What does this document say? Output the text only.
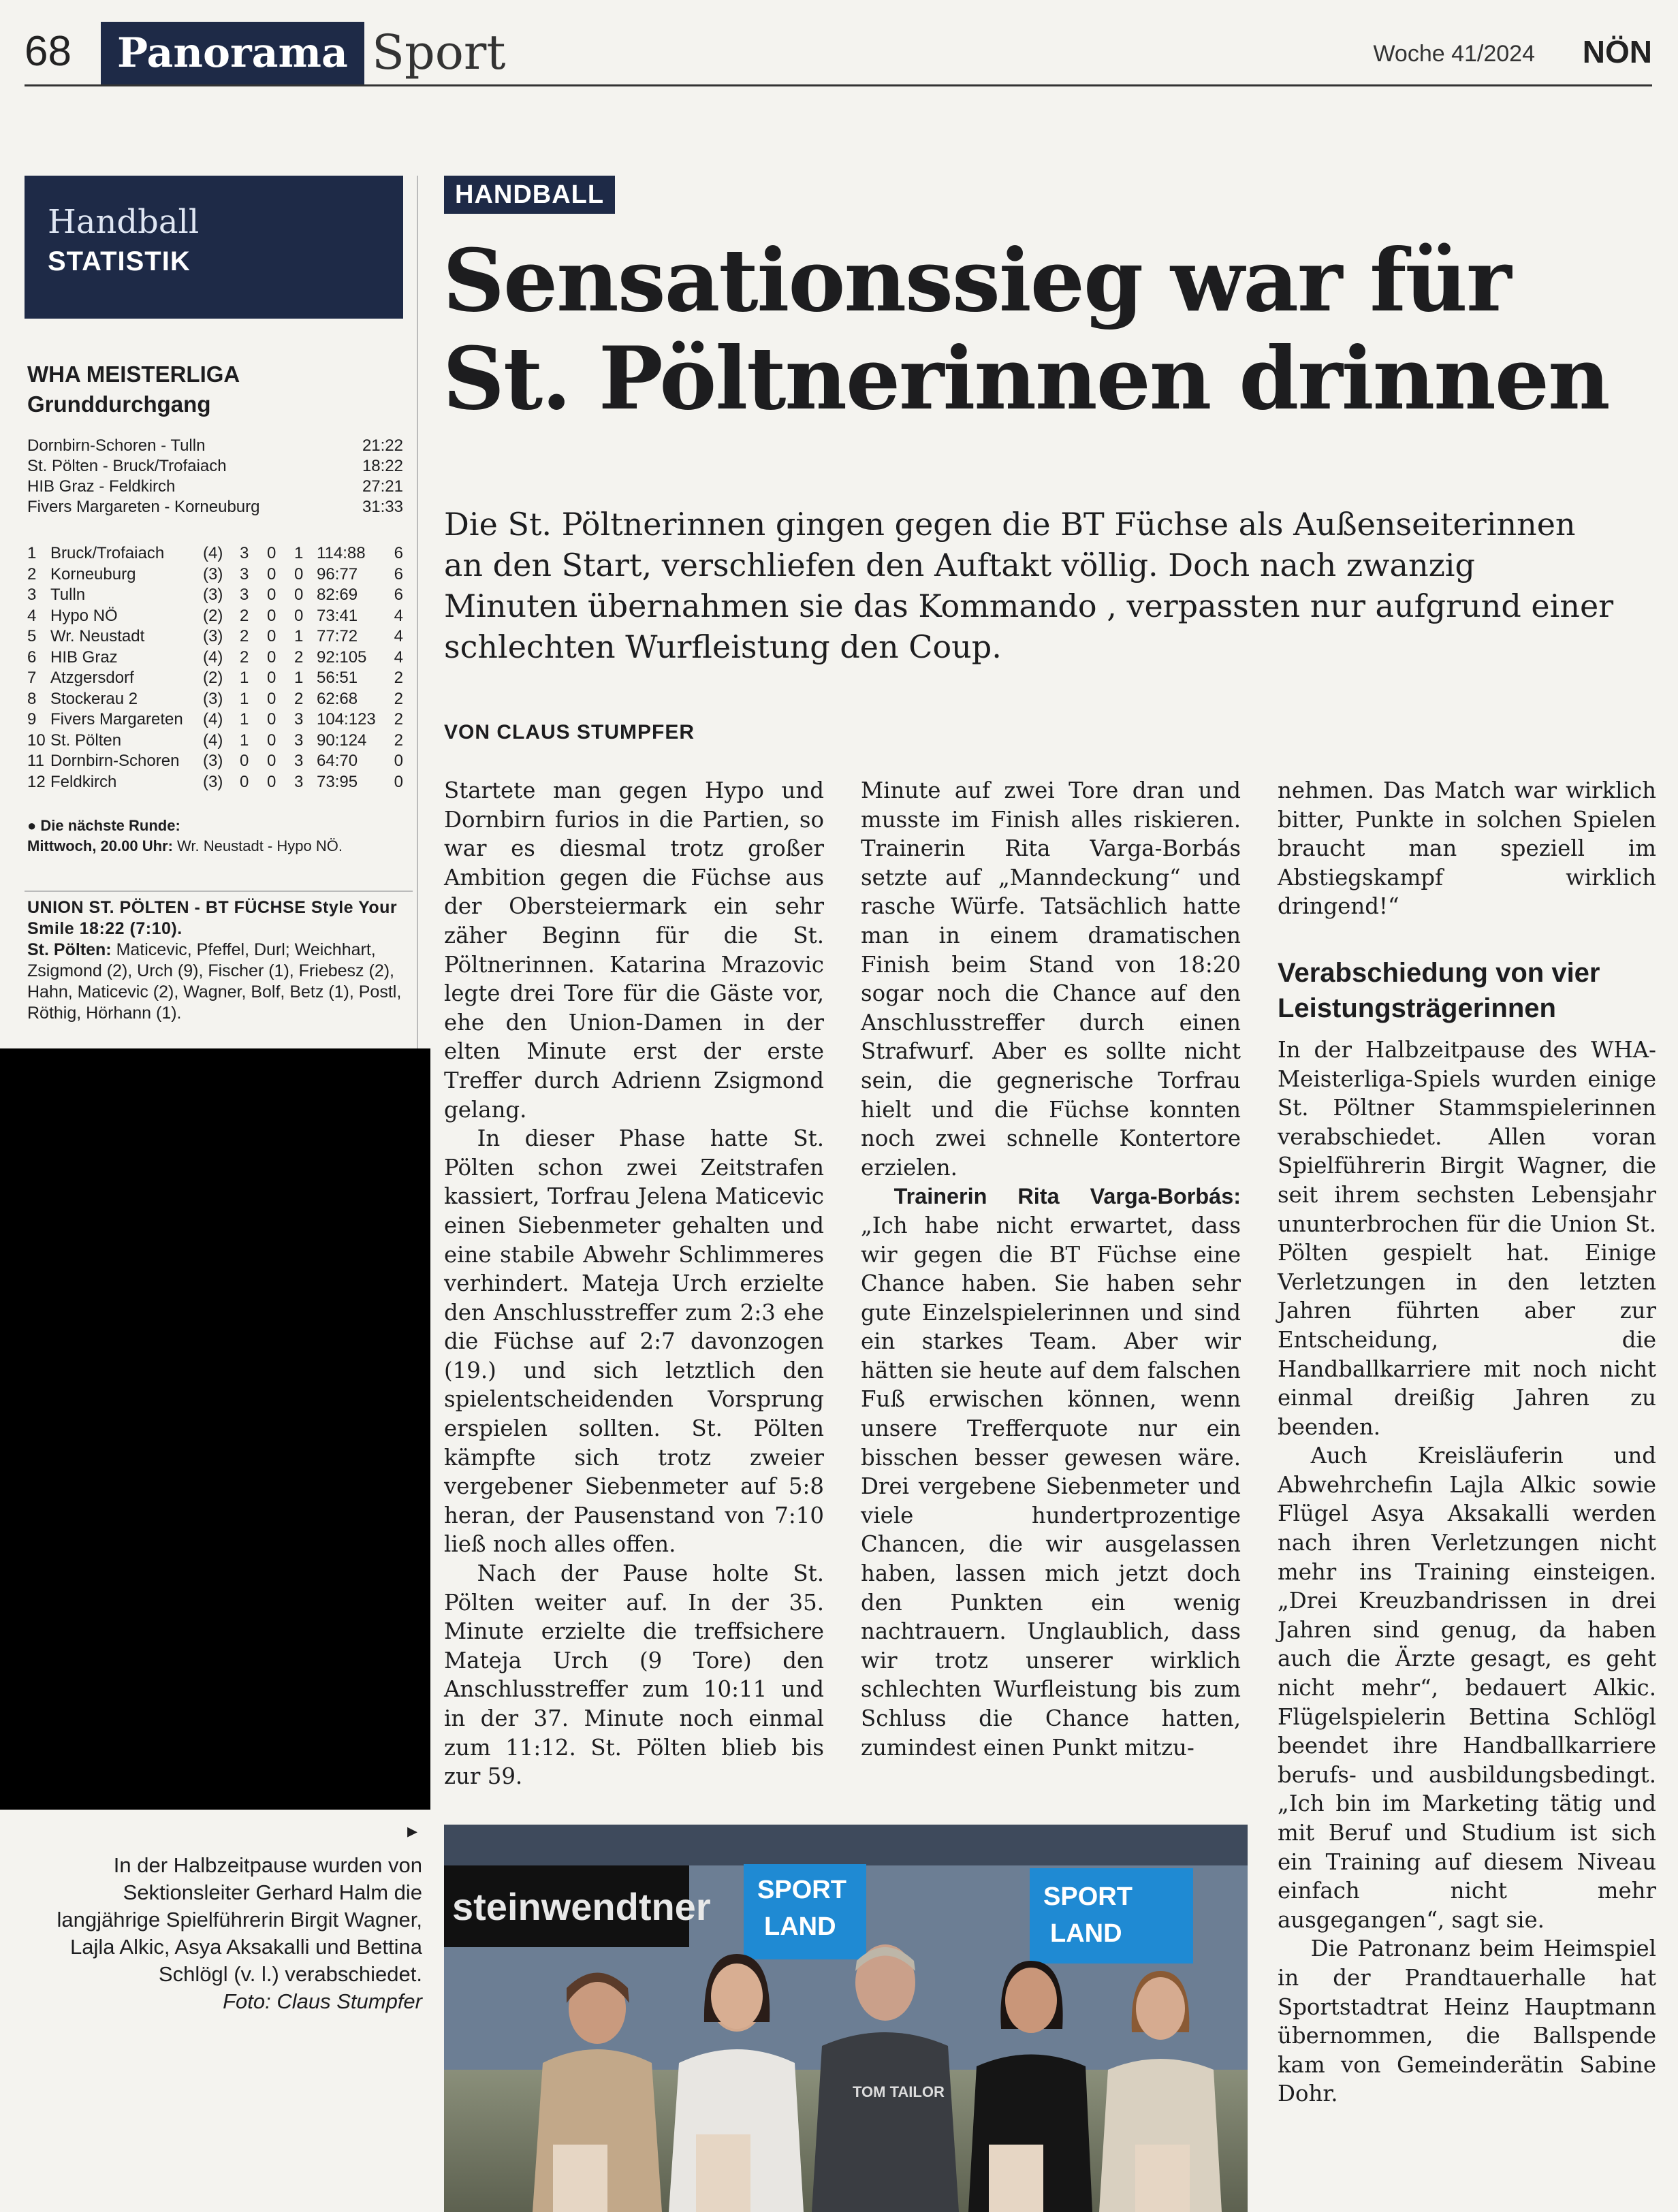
68	Panorama Sport	Woche 41/2024 NÖN
Handball
STATISTIK
WHA MEISTERLIGA
Grunddurchgang
Dornbirn-Schoren - Tulln	21:22
St. Pölten - Bruck/Trofaiach	18:22
HIB Graz - Feldkirch	27:21
Fivers Margareten - Korneuburg	31:33
1 Bruck/Trofaiach	(4)	3 0 1 114:88	6
2 Korneuburg	(3)	3 0 0 96:77	6
3 Tulln	(3)	3 0 0 82:69	6
4 Hypo NÖ	(2)	2 0 0 73:41	4
5 Wr. Neustadt	(3)	2 0 1 77:72	4
6 HIB Graz	(4)	2 0 2 92:105	4
7 Atzgersdorf	(2)	1 0 1 56:51	2
8 Stockerau 2	(3)	1 0 2 62:68	2
9 Fivers Margareten	(4)	1 0 3 104:123	2
10 St. Pölten	(4)	1 0 3 90:124	2
11 Dornbirn-Schoren	(3)	0 0 3 64:70	0
12 Feldkirch	(3)	0 0 3 73:95	0
● Die nächste Runde:
Mittwoch, 20.00 Uhr: Wr. Neustadt - Hypo NÖ.
UNION ST. PÖLTEN - BT FÜCHSE Style Your Smile 18:22 (7:10).
St. Pölten: Maticevic, Pfeffel, Durl; Weichhart, Zsigmond (2), Urch (9), Fischer (1), Friebesz (2), Hahn, Maticevic (2), Wagner, Bolf, Betz (1), Postl, Röthig, Hörhann (1).
▸
In der Halbzeitpause wurden von Sektionsleiter Gerhard Halm die langjährige Spielführerin Birgit Wagner, Lajla Alkic, Asya Aksakalli und Bettina Schlögl (v. l.) verabschiedet.
Foto: Claus Stumpfer
HANDBALL
Sensationssieg war für St. Pöltnerinnen drinnen
Die St. Pöltnerinnen gingen gegen die BT Füchse als Außenseiterinnen an den Start, verschliefen den Auftakt völlig. Doch nach zwanzig Minuten übernahmen sie das Kommando , verpassten nur aufgrund einer schlechten Wurfleistung den Coup.
VON CLAUS STUMPFER

Startete man gegen Hypo und Dornbirn furios in die Partien, so war es diesmal trotz großer Ambition gegen die Füchse aus der Obersteiermark ein sehr zäher Beginn für die St. Pöltnerinnen. Katarina Mrazovic legte drei Tore für die Gäste vor, ehe den Union-Damen in der elten Minute erst der erste Treffer durch Adrienn Zsigmond gelang.

In dieser Phase hatte St. Pölten schon zwei Zeitstrafen kassiert, Torfrau Jelena Maticevic einen Siebenmeter gehalten und eine stabile Abwehr Schlimmeres verhindert. Mateja Urch erzielte den Anschlusstreffer zum 2:3 ehe die Füchse auf 2:7 davonzogen (19.) und sich letztlich den spielentscheidenden Vorsprung erspielen sollten. St. Pölten kämpfte sich trotz zweier vergebener Siebenmeter auf 5:8 heran, der Pausenstand von 7:10 ließ noch alles offen.

Nach der Pause holte St. Pölten weiter auf. In der 35. Minute erzielte die treffsichere Mateja Urch (9 Tore) den Anschlusstreffer zum 10:11 und in der 37. Minute noch einmal zum 11:12. St. Pölten blieb bis zur 59.

Minute auf zwei Tore dran und musste im Finish alles riskieren. Trainerin Rita Varga-Borbás setzte auf „Manndeckung“ und rasche Würfe. Tatsächlich hatte man in einem dramatischen Finish beim Stand von 18:20 sogar noch die Chance auf den Anschlusstreffer durch einen Strafwurf. Aber es sollte nicht sein, die gegnerische Torfrau hielt und die Füchse konnten noch zwei schnelle Kontertore erzielen.

Trainerin Rita Varga-Borbás: „Ich habe nicht erwartet, dass wir gegen die BT Füchse eine Chance haben. Sie haben sehr gute Einzelspielerinnen und sind ein starkes Team. Aber wir hätten sie heute auf dem falschen Fuß erwischen können, wenn unsere Trefferquote nur ein bisschen besser gewesen wäre. Drei vergebene Siebenmeter und viele hundertprozentige Chancen, die wir ausgelassen haben, lassen mich jetzt doch den Punkten ein wenig nachtrauern. Unglaublich, dass wir trotz unserer wirklich schlechten Wurfleistung bis zum Schluss die Chance hatten, zumindest einen Punkt mitzu-

nehmen. Das Match war wirklich bitter, Punkte in solchen Spielen braucht man speziell im Abstiegskampf wirklich dringend!“

Verabschiedung von vier Leistungsträgerinnen

In der Halbzeitpause des WHA-Meisterliga-Spiels wurden einige St. Pöltner Stammspielerinnen verabschiedet. Allen voran Spielführerin Birgit Wagner, die seit ihrem sechsten Lebensjahr ununterbrochen für die Union St. Pölten gespielt hat. Einige Verletzungen in den letzten Jahren führten aber zur Entscheidung, die Handballkarriere mit noch nicht einmal dreißig Jahren zu beenden.

Auch Kreisläuferin und Abwehrchefin Lajla Alkic sowie Flügel Asya Aksakalli werden nach ihren Verletzungen nicht mehr ins Training einsteigen. „Drei Kreuzbandrissen in drei Jahren sind genug, da haben auch die Ärzte gesagt, es geht nicht mehr“, bedauert Alkic. Flügelspielerin Bettina Schlögl beendet ihre Handballkarriere berufs- und ausbildungsbedingt. „Ich bin im Marketing tätig und mit Beruf und Studium ist sich ein Training auf diesem Niveau einfach nicht mehr ausgegangen“, sagt sie.

Die Patronanz beim Heimspiel in der Prandtauerhalle hat Sportstadtrat Heinz Hauptmann übernommen, die Ballspende kam von Gemeinderätin Sabine Dohr.

steinwendtner SPORT
LAND
SPORT
LAND
TOM TAILOR
